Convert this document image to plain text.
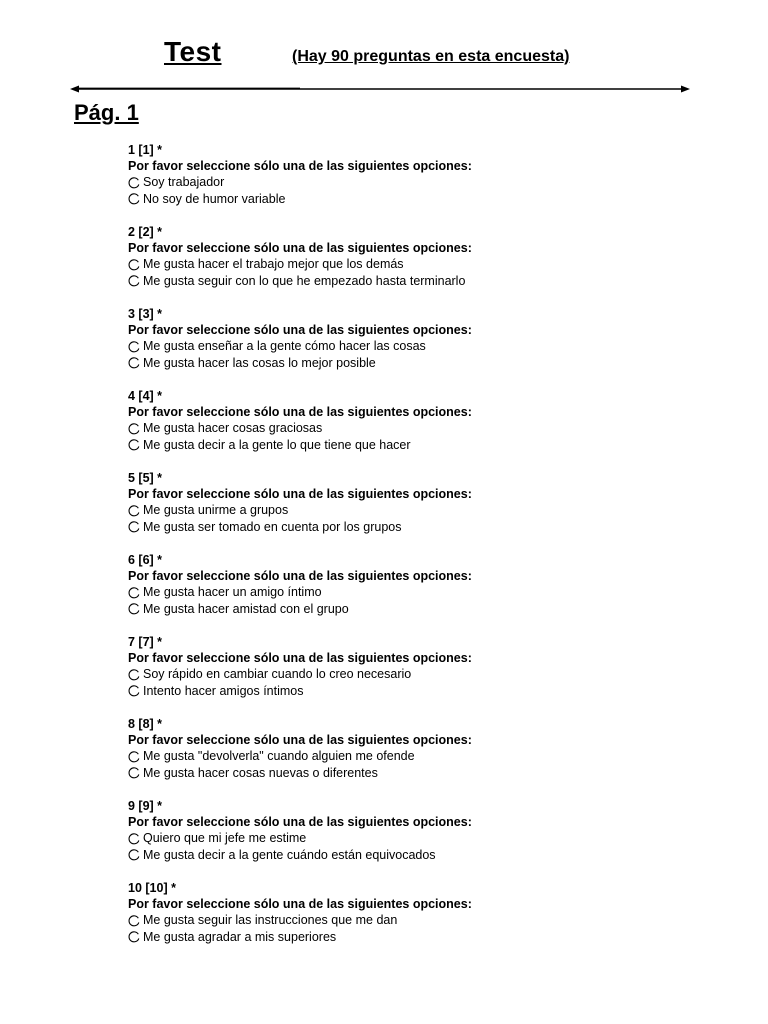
Test	(Hay 90 preguntas en esta encuesta)
Pág. 1
1 [1] *
Por favor seleccione sólo una de las siguientes opciones:
Soy trabajador
No soy de humor variable
2 [2] *
Por favor seleccione sólo una de las siguientes opciones:
Me gusta hacer el trabajo mejor que los demás
Me gusta seguir con lo que he empezado hasta terminarlo
3 [3] *
Por favor seleccione sólo una de las siguientes opciones:
Me gusta enseñar a la gente cómo hacer las cosas
Me gusta hacer las cosas lo mejor posible
4 [4] *
Por favor seleccione sólo una de las siguientes opciones:
Me gusta hacer cosas graciosas
Me gusta decir a la gente lo que tiene que hacer
5 [5] *
Por favor seleccione sólo una de las siguientes opciones:
Me gusta unirme a grupos
Me gusta ser tomado en cuenta por los grupos
6 [6] *
Por favor seleccione sólo una de las siguientes opciones:
Me gusta hacer un amigo íntimo
Me gusta hacer amistad con el grupo
7 [7] *
Por favor seleccione sólo una de las siguientes opciones:
Soy rápido en cambiar cuando lo creo necesario
Intento hacer amigos íntimos
8 [8] *
Por favor seleccione sólo una de las siguientes opciones:
Me gusta "devolverla" cuando alguien me ofende
Me gusta hacer cosas nuevas o diferentes
9 [9] *
Por favor seleccione sólo una de las siguientes opciones:
Quiero que mi jefe me estime
Me gusta decir a la gente cuándo están equivocados
10 [10] *
Por favor seleccione sólo una de las siguientes opciones:
Me gusta seguir las instrucciones que me dan
Me gusta agradar a mis superiores
